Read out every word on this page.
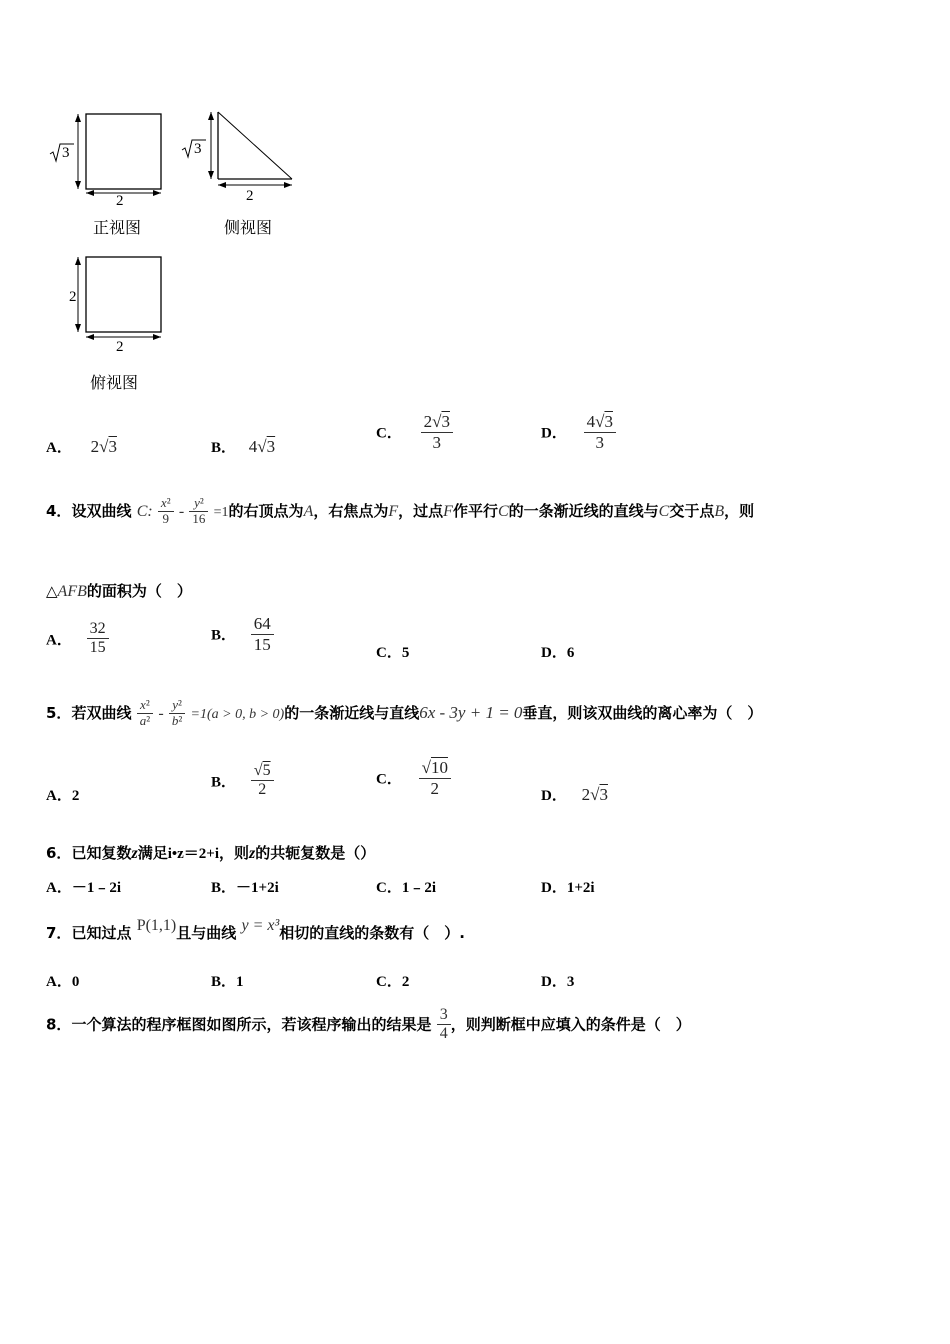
3
2
正视图
3
2
侧视图
2
2
俯视图
A． 2√3	B． 4√3
C． $\frac{2√3}{3}$	D． $\frac{4√3}{3}$
4．设双曲线 C: $\frac{\text{x²}}{9} - \frac{\text{y²}}{16} =1$的右顶点为A，右焦点为F，过点F作平行C的一条渐近线的直线与C交于点B，则
△AFB的面积为（　）
A． $\frac{32}{15}$	B． $\frac{64}{15}$	C．5	D．6
5．若双曲线 $\frac{\text{x²}}{\text{a²}} - \frac{\text{y²}}{\text{b²}} =1(a > 0$, b > 0)的一条渐近线与直线6x - 3y + 1 = 0垂直，则该双曲线的离心率为（　）
A．2
B． $\frac{√5}{2}$	C． $\frac{√10}{2}$	D． 2√3
6．已知复数z满足i•z＝2+i，则z的共轭复数是（）
A．－1﹣2i	B．－1+2i	C．1﹣2i	D．1+2i
7．已知过点 P(1,1)且与曲线 y = x³相切的直线的条数有（　）.
A．0	B．1	C．2	D．3
8．一个算法的程序框图如图所示，若该程序输出的结果是 $\frac{3}{4}$ ，则判断框中应填入的条件是（　）
